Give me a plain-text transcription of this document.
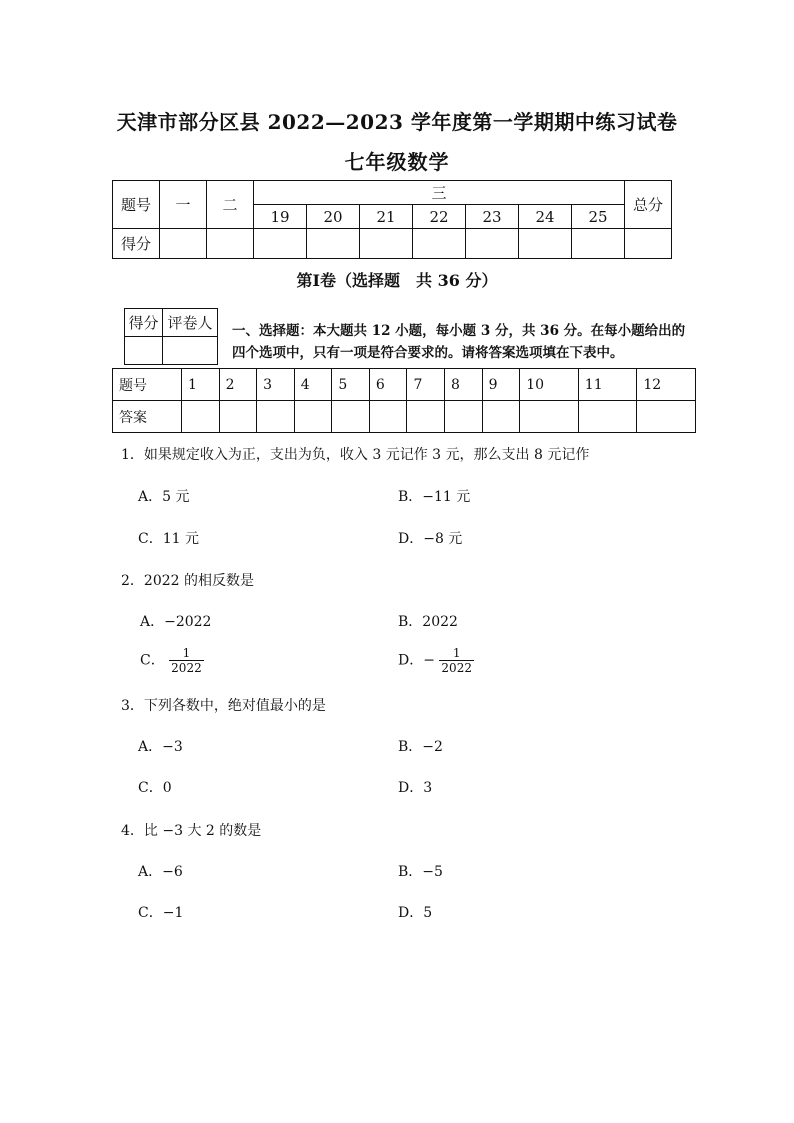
天津市部分区县 2022—2023 学年度第一学期期中练习试卷
七年级数学
题号	一	二	三							总分
			19	20	21	22	23	24	25	
得分										
第Ⅰ卷（选择题　共 36 分）
得分	评卷人
	一、选择题：本大题共 12 小题，每小题 3 分，共 36 分。在每小题给出的四个选项中，只有一项是符合要求的。请将答案选项填在下表中。
题号	1	2	3	4	5	6	7	8	9	10	11	12
答案												
1．如果规定收入为正，支出为负，收入 3 元记作 3 元，那么支出 8 元记作
A．5 元	B．−11 元
C．11 元	D．−8 元
2．2022 的相反数是
A．−2022	B．2022
C． $\frac{1}{2022}$	D．− $\frac{1}{2022}$
3．下列各数中，绝对值最小的是
A．−3	B．−2
C．0	D．3
4．比 −3 大 2 的数是
A．−6	B．−5
C．−1	D．5
